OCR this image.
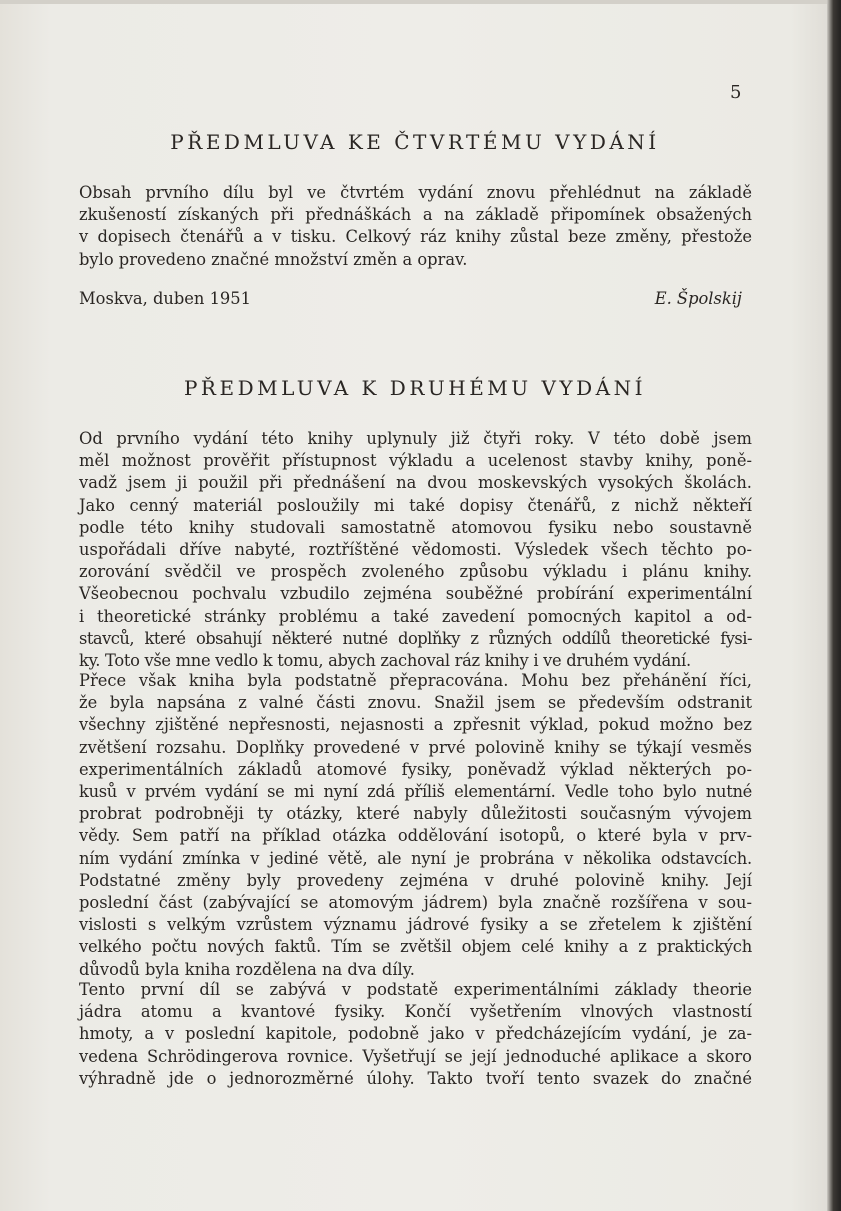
5
PŘEDMLUVA KE ČTVRTÉMU VYDÁNÍ
Obsah prvního dílu byl ve čtvrtém vydání znovu přehlédnut na základě
zkušeností získaných při přednáškách a na základě připomínek obsažených
v dopisech čtenářů a v tisku. Celkový ráz knihy zůstal beze změny, přestože
bylo provedeno značné množství změn a oprav.
Moskva, duben 1951	E. Špolskij
PŘEDMLUVA K DRUHÉMU VYDÁNÍ
Od prvního vydání této knihy uplynuly již čtyři roky. V této době jsem
měl možnost prověřit přístupnost výkladu a ucelenost stavby knihy, poně-
vadž jsem ji použil při přednášení na dvou moskevských vysokých školách.
Jako cenný materiál posloužily mi také dopisy čtenářů, z nichž někteří
podle této knihy studovali samostatně atomovou fysiku nebo soustavně
uspořádali dříve nabyté, roztříštěné vědomosti. Výsledek všech těchto po-
zorování svědčil ve prospěch zvoleného způsobu výkladu i plánu knihy.
Všeobecnou pochvalu vzbudilo zejména souběžné probírání experimentální
i theoretické stránky problému a také zavedení pomocných kapitol a od-
stavců, které obsahují některé nutné doplňky z různých oddílů theoretické fysi-
ky. Toto vše mne vedlo k tomu, abych zachoval ráz knihy i ve druhém vydání.
Přece však kniha byla podstatně přepracována. Mohu bez přehánění říci,
že byla napsána z valné části znovu. Snažil jsem se především odstranit
všechny zjištěné nepřesnosti, nejasnosti a zpřesnit výklad, pokud možno bez
zvětšení rozsahu. Doplňky provedené v prvé polovině knihy se týkají vesměs
experimentálních základů atomové fysiky, poněvadž výklad některých po-
kusů v prvém vydání se mi nyní zdá příliš elementární. Vedle toho bylo nutné
probrat podrobněji ty otázky, které nabyly důležitosti současným vývojem
vědy. Sem patří na příklad otázka oddělování isotopů, o které byla v prv-
ním vydání zmínka v jediné větě, ale nyní je probrána v několika odstavcích.
Podstatné změny byly provedeny zejména v druhé polovině knihy. Její
poslední část (zabývající se atomovým jádrem) byla značně rozšířena v sou-
vislosti s velkým vzrůstem významu jádrové fysiky a se zřetelem k zjištění
velkého počtu nových faktů. Tím se zvětšil objem celé knihy a z praktických
důvodů byla kniha rozdělena na dva díly.
Tento první díl se zabývá v podstatě experimentálními základy theorie
jádra atomu a kvantové fysiky. Končí vyšetřením vlnových vlastností
hmoty, a v poslední kapitole, podobně jako v předcházejícím vydání, je za-
vedena Schrödingerova rovnice. Vyšetřují se její jednoduché aplikace a skoro
výhradně jde o jednorozměrné úlohy. Takto tvoří tento svazek do značné
